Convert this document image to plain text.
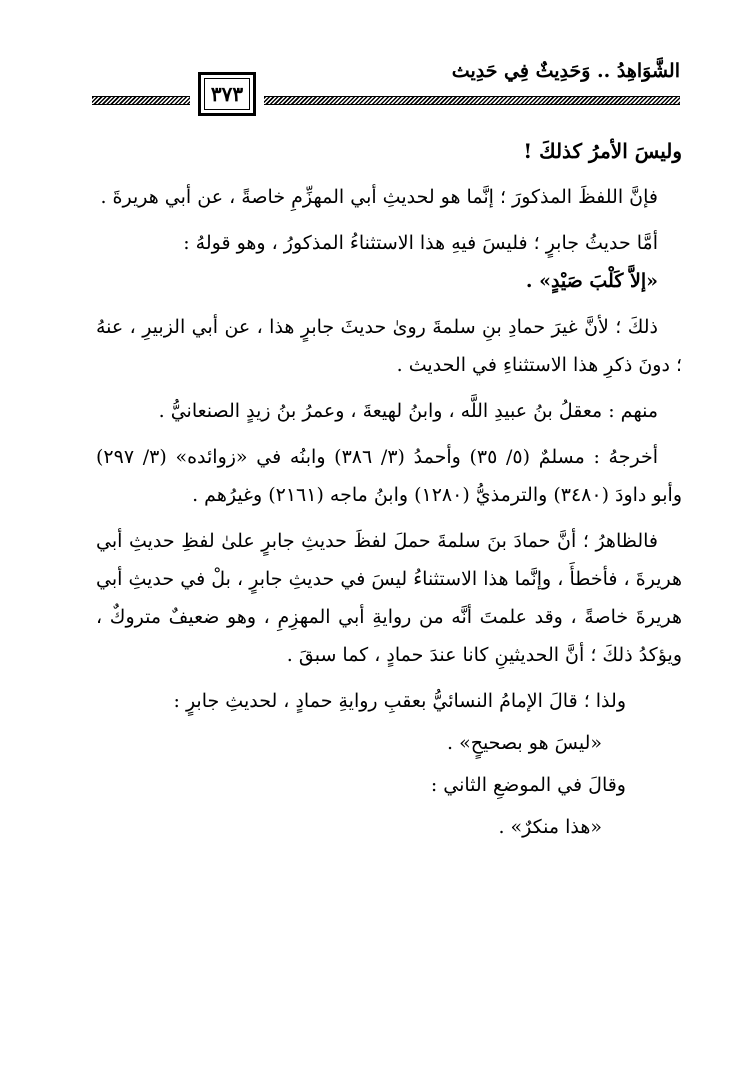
الشَّوَاهِدُ .. وَحَدِيثٌ فِي حَدِيث
٣٧٣

وليسَ الأمرُ كذلكَ !

فإنَّ اللفظَ المذكورَ ؛ إنَّما هو لحديثِ أبي المهزِّمِ خاصةً ، عن أبي هريرةَ .

أمَّا حديثُ جابرٍ ؛ فليسَ فيهِ هذا الاستثناءُ المذكورُ ، وهو قولهُ :
«إلاَّ كَلْبَ صَيْدٍ» .

ذلكَ ؛ لأنَّ غيرَ حمادِ بنِ سلمةَ روىٰ حديثَ جابرٍ هذا ، عن أبي الزبيرِ ، عنهُ ؛ دونَ ذكرِ هذا الاستثناءِ في الحديث .

منهم : معقلُ بنُ عبيدِ اللَّه ، وابنُ لهيعةَ ، وعمرُ بنُ زيدٍ الصنعانيُّ .

أخرجهُ : مسلمٌ (٥/ ٣٥) وأحمدُ (٣/ ٣٨٦) وابنُه في «زوائده» (٣/ ٢٩٧) وأبو داودَ (٣٤٨٠) والترمذيُّ (١٢٨٠) وابنُ ماجه (٢١٦١) وغيرُهم .

فالظاهرُ ؛ أنَّ حمادَ بنَ سلمةَ حملَ لفظَ حديثِ جابرٍ علىٰ لفظِ حديثِ أبي هريرةَ ، فأخطأَ ، وإنَّما هذا الاستثناءُ ليسَ في حديثِ جابرٍ ، بلْ في حديثِ أبي هريرةَ خاصةً ، وقد علمتَ أنَّه من روايةِ أبي المهزِمِ ، وهو ضعيفٌ متروكٌ ، ويؤكدُ ذلكَ ؛ أنَّ الحديثينِ كانا عندَ حمادٍ ، كما سبقَ .

ولذا ؛ قالَ الإمامُ النسائيُّ بعقبِ روايةِ حمادٍ ، لحديثِ جابرٍ :

«ليسَ هو بصحيحٍ» .

وقالَ في الموضعِ الثاني :

«هذا منكرٌ» .
